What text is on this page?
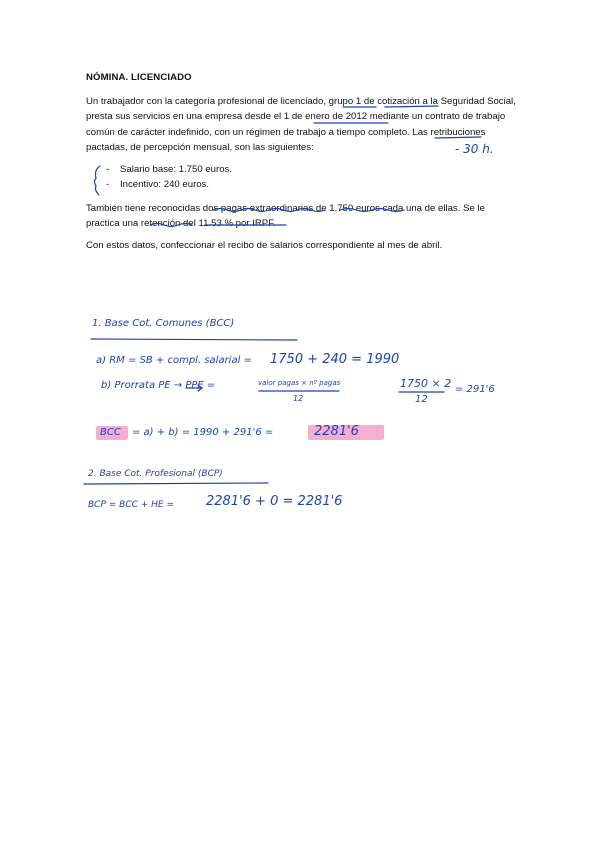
NÓMINA. LICENCIADO

Un trabajador con la categoría profesional de licenciado, grupo 1 de cotización a la Seguridad Social, presta sus servicios en una empresa desde el 1 de enero de 2012 mediante un contrato de trabajo común de carácter indefinido, con un régimen de trabajo a tiempo completo. Las retribuciones pactadas, de percepción mensual, son las siguientes:

- Salario base: 1.750 euros.
- Incentivo: 240 euros.

También tiene reconocidas dos pagas extraordinarias de 1.750 euros cada una de ellas. Se le practica una retención del 11.53 % por IRPF.

Con estos datos, confeccionar el recibo de salarios correspondiente al mes de abril.

- 30 h.
1. Base Cot. Comunes (BCC)
a) RM = SB + compl. salarial = 1750 + 240 = 1990
b) Prorrata PE → PPE =	valor pagas × nº pagas
12
1750 × 2
12
= 291'6
BCC = a) + b) = 1990 + 291'6 =	2281'6
2. Base Cot. Profesional (BCP)
BCP = BCC + HE = 2281'6 + 0 = 2281'6
